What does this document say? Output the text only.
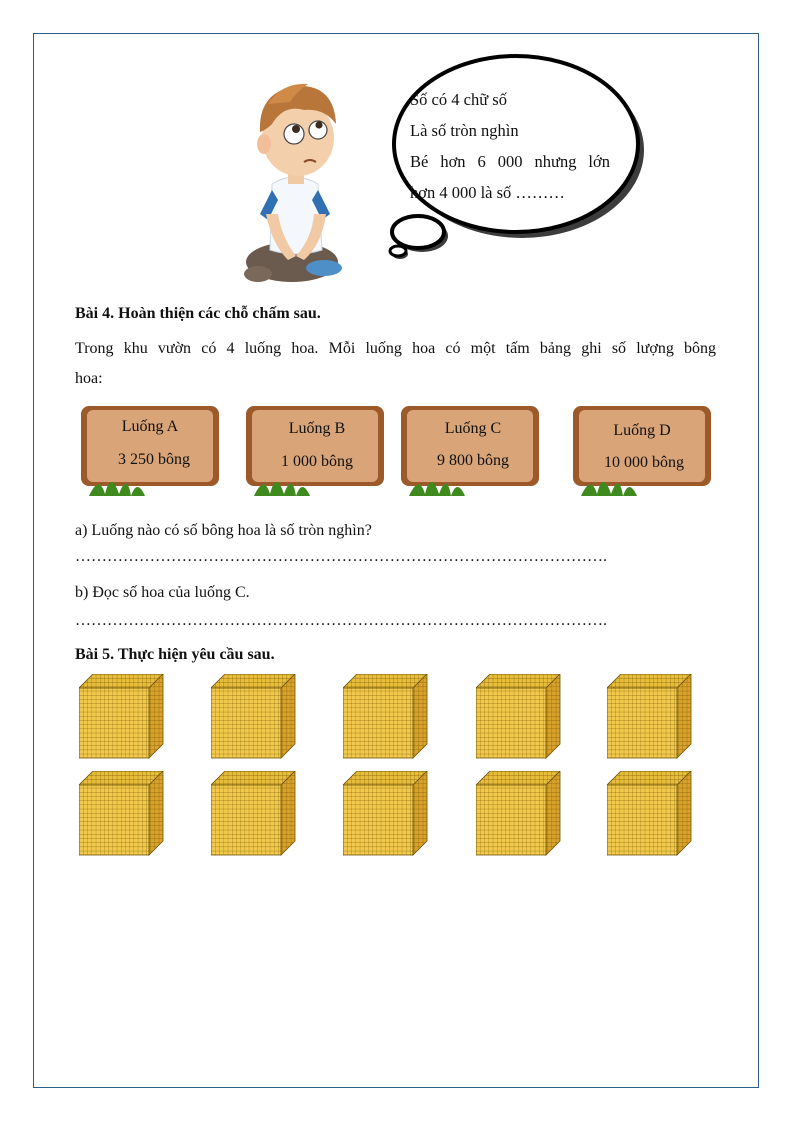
Số có 4 chữ số
Là số tròn nghìn
Bé hơn 6 000 nhưng lớn
hơn 4 000 là số ………
Bài 4. Hoàn thiện các chỗ chấm sau.
Trong khu vườn có 4 luống hoa. Mỗi luống hoa có một tấm bảng ghi số lượng bông
hoa:
Luống A
3 250 bông
Luống B
1 000 bông
Luống C
9 800 bông
Luống D
10 000 bông
a) Luống nào có số bông hoa là số tròn nghìn?
……………………………………………………………………………………….
b) Đọc số hoa của luống C.
……………………………………………………………………………………….
Bài 5. Thực hiện yêu cầu sau.
